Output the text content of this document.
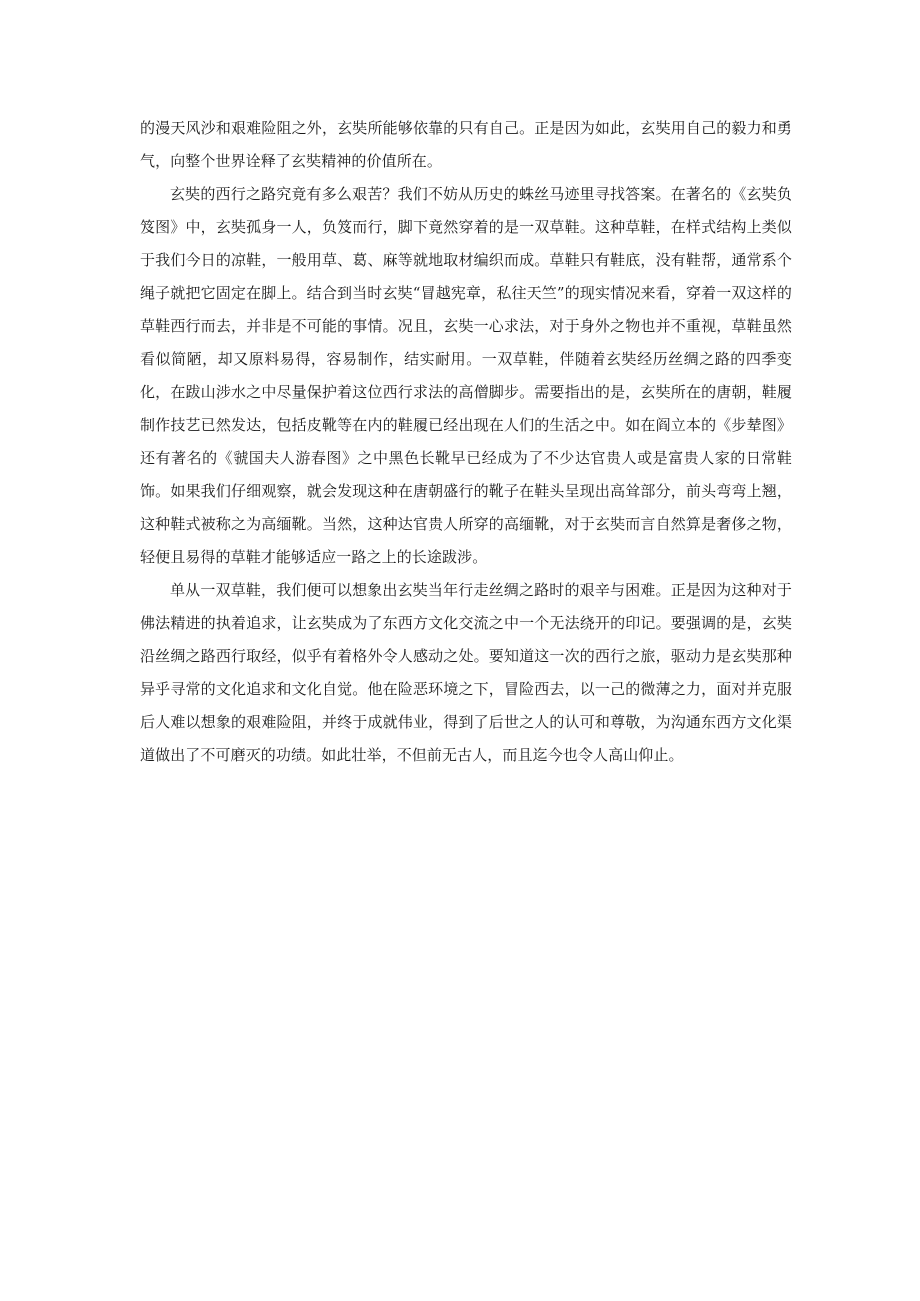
的漫天风沙和艰难险阻之外，玄奘所能够依靠的只有自己。正是因为如此，玄奘用自己的毅力和勇气，向整个世界诠释了玄奘精神的价值所在。

玄奘的西行之路究竟有多么艰苦？我们不妨从历史的蛛丝马迹里寻找答案。在著名的《玄奘负笈图》中，玄奘孤身一人，负笈而行，脚下竟然穿着的是一双草鞋。这种草鞋，在样式结构上类似于我们今日的凉鞋，一般用草、葛、麻等就地取材编织而成。草鞋只有鞋底，没有鞋帮，通常系个绳子就把它固定在脚上。结合到当时玄奘“冒越宪章，私往天竺”的现实情况来看，穿着一双这样的草鞋西行而去，并非是不可能的事情。况且，玄奘一心求法，对于身外之物也并不重视，草鞋虽然看似简陋，却又原料易得，容易制作，结实耐用。一双草鞋，伴随着玄奘经历丝绸之路的四季变化，在跋山涉水之中尽量保护着这位西行求法的高僧脚步。需要指出的是，玄奘所在的唐朝，鞋履制作技艺已然发达，包括皮靴等在内的鞋履已经出现在人们的生活之中。如在阎立本的《步辇图》还有著名的《虢国夫人游春图》之中黑色长靴早已经成为了不少达官贵人或是富贵人家的日常鞋饰。如果我们仔细观察，就会发现这种在唐朝盛行的靴子在鞋头呈现出高耸部分，前头弯弯上翘，这种鞋式被称之为高缅靴。当然，这种达官贵人所穿的高缅靴，对于玄奘而言自然算是奢侈之物，轻便且易得的草鞋才能够适应一路之上的长途跋涉。

单从一双草鞋，我们便可以想象出玄奘当年行走丝绸之路时的艰辛与困难。正是因为这种对于佛法精进的执着追求，让玄奘成为了东西方文化交流之中一个无法绕开的印记。要强调的是，玄奘沿丝绸之路西行取经，似乎有着格外令人感动之处。要知道这一次的西行之旅，驱动力是玄奘那种异乎寻常的文化追求和文化自觉。他在险恶环境之下，冒险西去，以一己的微薄之力，面对并克服后人难以想象的艰难险阻，并终于成就伟业，得到了后世之人的认可和尊敬，为沟通东西方文化渠道做出了不可磨灭的功绩。如此壮举，不但前无古人，而且迄今也令人高山仰止。
